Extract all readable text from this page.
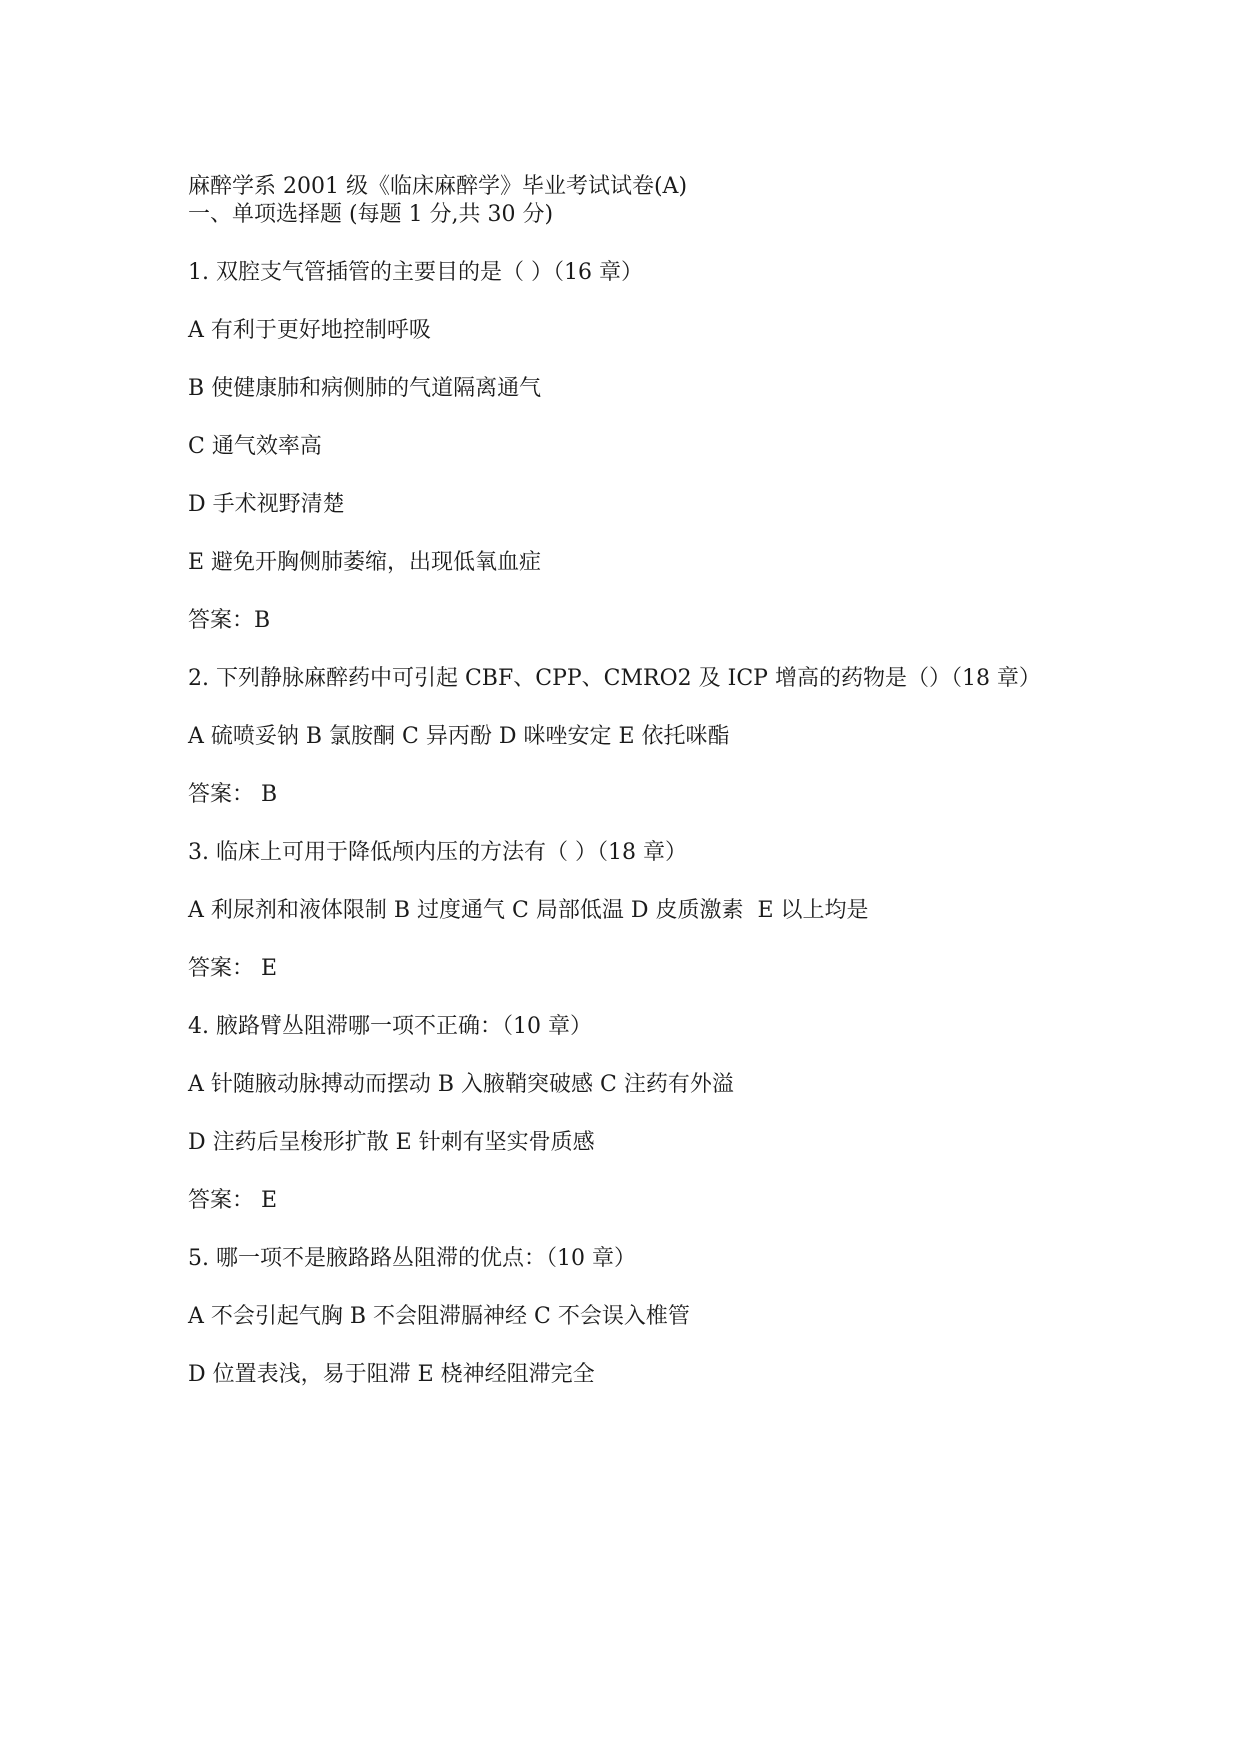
麻醉学系 2001 级《临床麻醉学》毕业考试试卷(A)

一、单项选择题 (每题 1 分,共 30 分)

1. 双腔支气管插管的主要目的是（ ）（16 章）

A 有利于更好地控制呼吸

B 使健康肺和病侧肺的气道隔离通气

C 通气效率高

D 手术视野清楚

E 避免开胸侧肺萎缩，出现低氧血症

答案：B

2. 下列静脉麻醉药中可引起 CBF、CPP、CMRO2 及 ICP 增高的药物是（）（18 章）

A 硫喷妥钠 B 氯胺酮 C 异丙酚 D 咪唑安定 E 依托咪酯

答案： B

3. 临床上可用于降低颅内压的方法有（ ）（18 章）

A 利尿剂和液体限制 B 过度通气 C 局部低温 D 皮质激素  E 以上均是

答案： E

4. 腋路臂丛阻滞哪一项不正确：（10 章）

A 针随腋动脉搏动而摆动 B 入腋鞘突破感 C 注药有外溢

D 注药后呈梭形扩散 E 针刺有坚实骨质感

答案： E

5. 哪一项不是腋路路丛阻滞的优点：（10 章）

A 不会引起气胸 B 不会阻滞膈神经 C 不会误入椎管

D 位置表浅，易于阻滞 E 桡神经阻滞完全
